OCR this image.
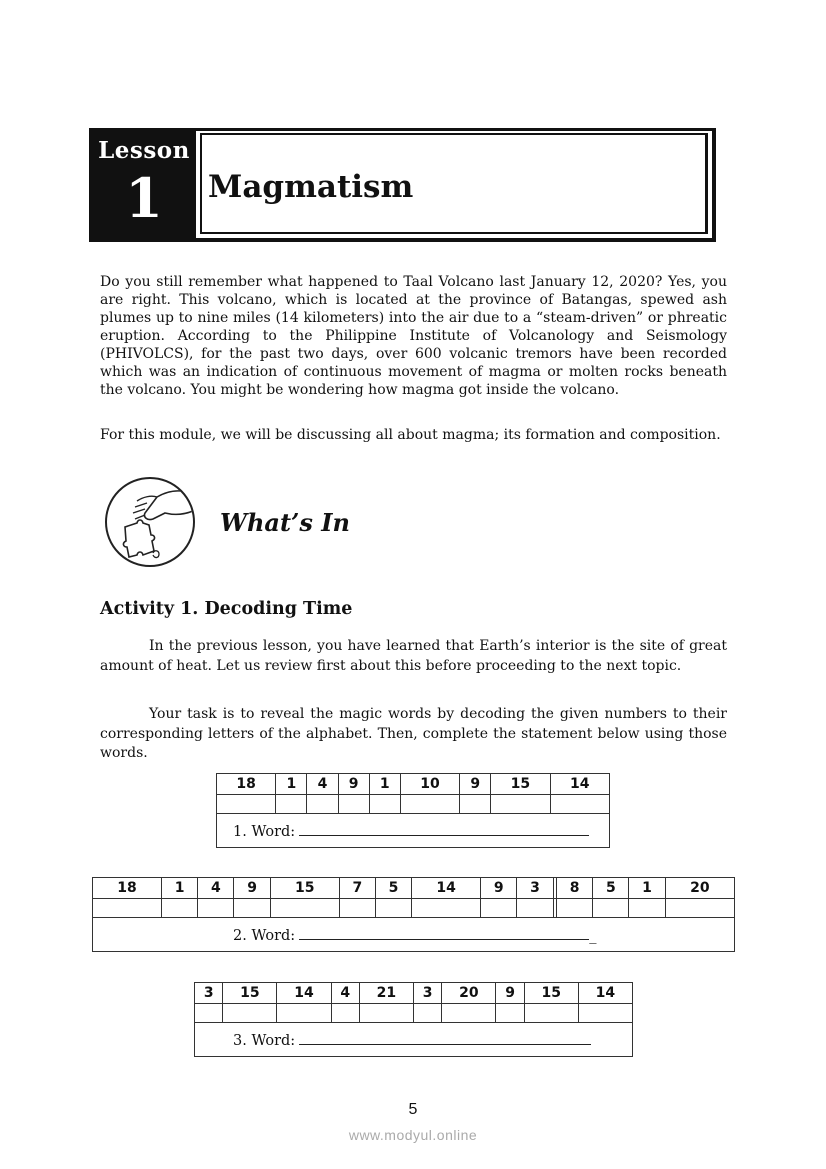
Lesson
1	Magmatism

Do you still remember what happened to Taal Volcano last January 12, 2020? Yes, you are right. This volcano, which is located at the province of Batangas, spewed ash plumes up to nine miles (14 kilometers) into the air due to a “steam-driven” or phreatic eruption. According to the Philippine Institute of Volcanology and Seismology (PHIVOLCS), for the past two days, over 600 volcanic tremors have been recorded which was an indication of continuous movement of magma or molten rocks beneath the volcano. You might be wondering how magma got inside the volcano.

For this module, we will be discussing all about magma; its formation and composition.

What’s In
Activity 1. Decoding Time

In the previous lesson, you have learned that Earth’s interior is the site of great amount of heat. Let us review first about this before proceeding to the next topic.

Your task is to reveal the magic words by decoding the given numbers to their corresponding letters of the alphabet. Then, complete the statement below using those words.

18	1	4	9	1	10	9	15	14

1. Word:								
18	1	4	9	15	7	5	14	9	3		8	5	1	20

2. Word: _														
3	15	14	4	21	3	20	9	15	14

3. Word:									
5
www.modyul.online
